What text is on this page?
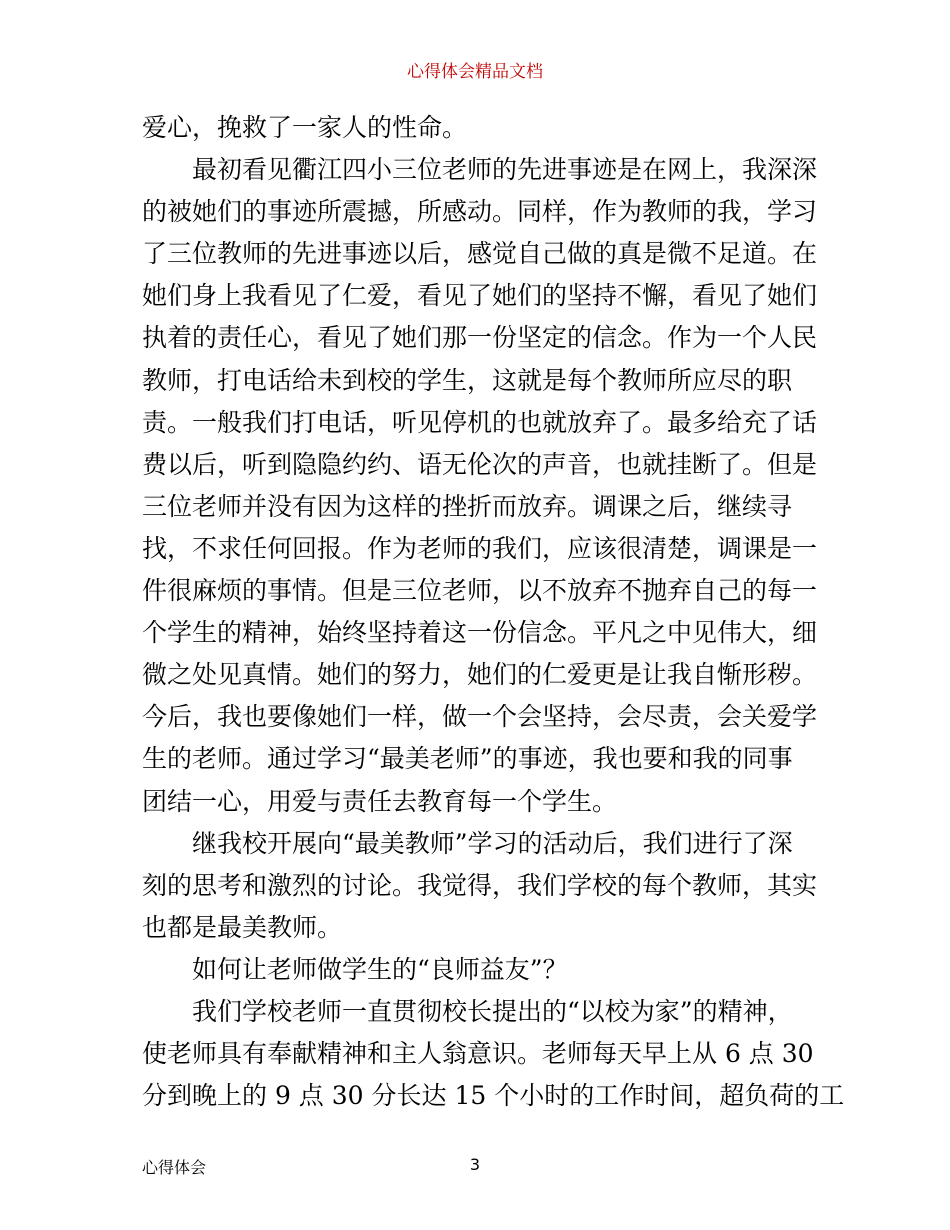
心得体会精品文档
爱心，挽救了一家人的性命。
最初看见衢江四小三位老师的先进事迹是在网上，我深深
的被她们的事迹所震撼，所感动。同样，作为教师的我，学习
了三位教师的先进事迹以后，感觉自己做的真是微不足道。在
她们身上我看见了仁爱，看见了她们的坚持不懈，看见了她们
执着的责任心，看见了她们那一份坚定的信念。作为一个人民
教师，打电话给未到校的学生，这就是每个教师所应尽的职
责。一般我们打电话，听见停机的也就放弃了。最多给充了话
费以后，听到隐隐约约、语无伦次的声音，也就挂断了。但是
三位老师并没有因为这样的挫折而放弃。调课之后，继续寻
找，不求任何回报。作为老师的我们，应该很清楚，调课是一
件很麻烦的事情。但是三位老师，以不放弃不抛弃自己的每一
个学生的精神，始终坚持着这一份信念。平凡之中见伟大，细
微之处见真情。她们的努力，她们的仁爱更是让我自惭形秽。
今后，我也要像她们一样，做一个会坚持，会尽责，会关爱学
生的老师。通过学习“最美老师”的事迹，我也要和我的同事
团结一心，用爱与责任去教育每一个学生。
继我校开展向“最美教师”学习的活动后，我们进行了深
刻的思考和激烈的讨论。我觉得，我们学校的每个教师，其实
也都是最美教师。
如何让老师做学生的“良师益友”？
我们学校老师一直贯彻校长提出的“以校为家”的精神，
使老师具有奉献精神和主人翁意识。老师每天早上从 6 点 30
分到晚上的 9 点 30 分长达 15 个小时的工作时间，超负荷的工
心得体会	3
